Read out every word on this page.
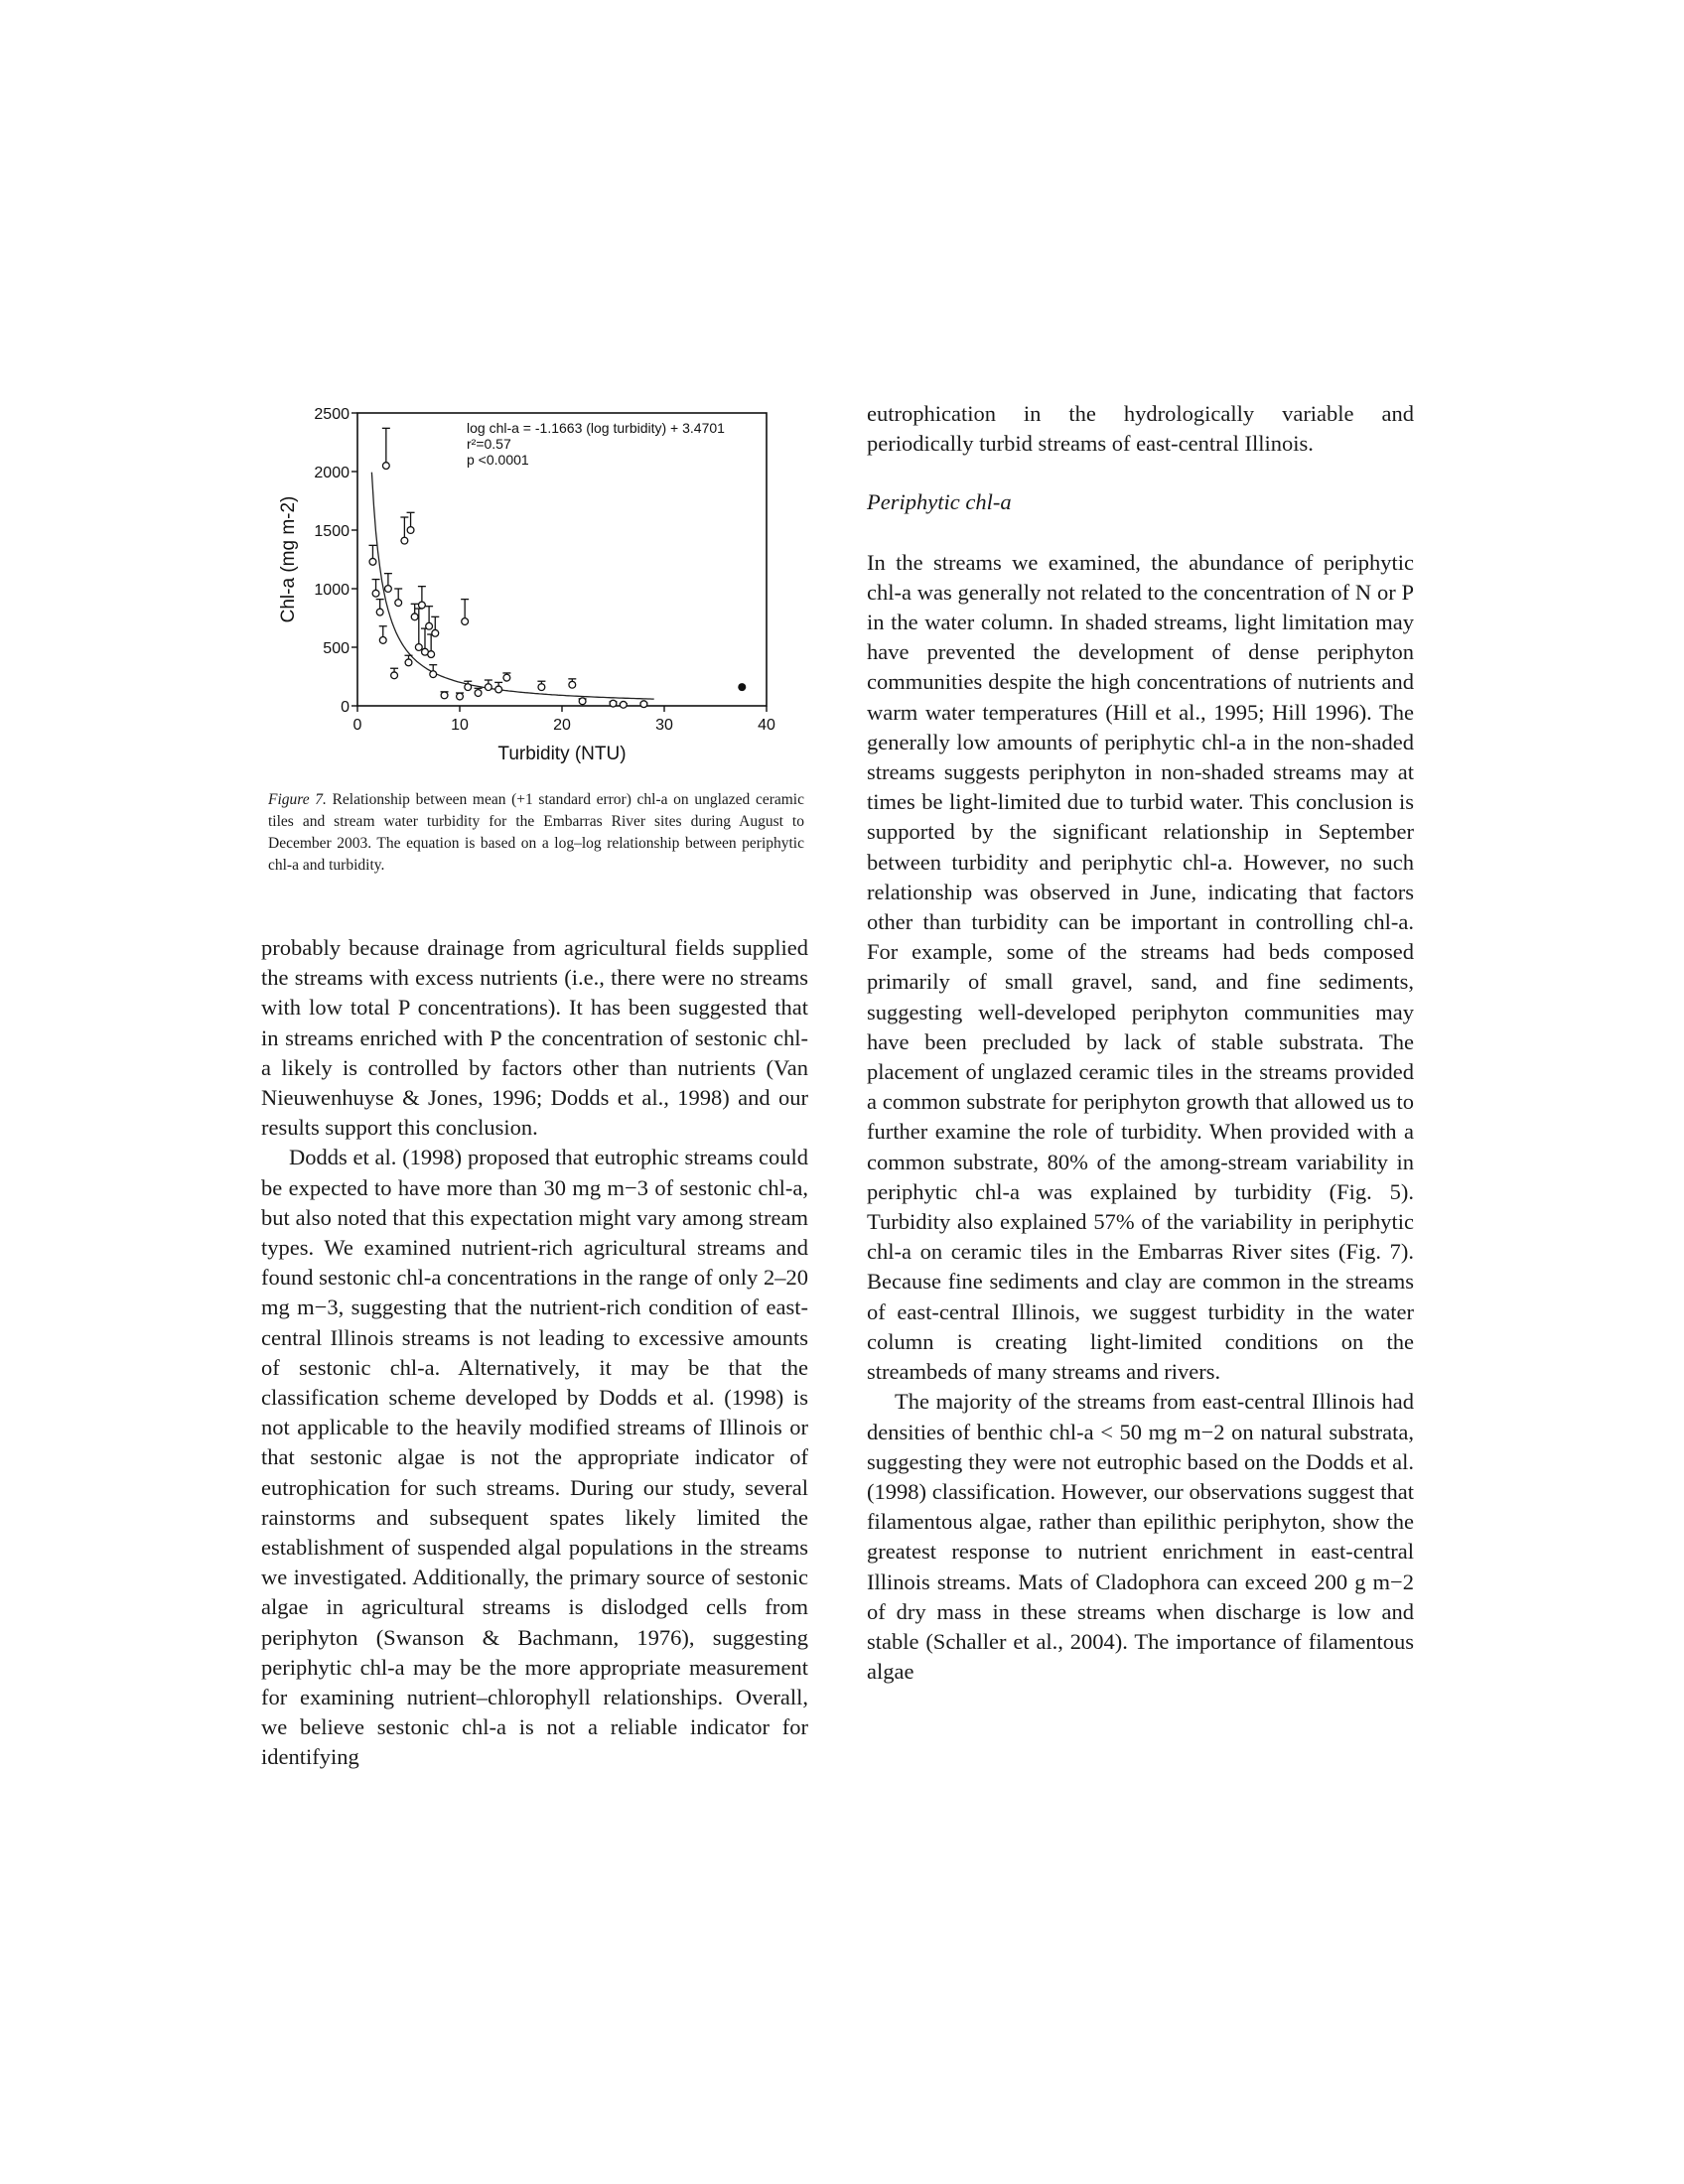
0
500
1000
1500
2000
2500
0	10	20	30	40
Turbidity (NTU)
Chl-a (mg m-2)
log chl-a = -1.1663 (log turbidity) + 3.4701
r²=0.57
p <0.0001

Figure 7. Relationship between mean (+1 standard error) chl-a on unglazed ceramic tiles and stream water turbidity for the Embarras River sites during August to December 2003. The equation is based on a log–log relationship between periphytic chl-a and turbidity.

probably because drainage from agricultural fields supplied the streams with excess nutrients (i.e., there were no streams with low total P concentrations). It has been suggested that in streams enriched with P the concentration of sestonic chl-a likely is controlled by factors other than nutrients (Van Nieuwenhuyse & Jones, 1996; Dodds et al., 1998) and our results support this conclusion.

Dodds et al. (1998) proposed that eutrophic streams could be expected to have more than 30 mg m−3 of sestonic chl-a, but also noted that this expectation might vary among stream types. We examined nutrient-rich agricultural streams and found sestonic chl-a concentrations in the range of only 2–20 mg m−3, suggesting that the nutrient-rich condition of east-central Illinois streams is not leading to excessive amounts of sestonic chl-a. Alternatively, it may be that the classification scheme developed by Dodds et al. (1998) is not applicable to the heavily modified streams of Illinois or that sestonic algae is not the appropriate indicator of eutrophication for such streams. During our study, several rainstorms and subsequent spates likely limited the establishment of suspended algal populations in the streams we investigated. Additionally, the primary source of sestonic algae in agricultural streams is dislodged cells from periphyton (Swanson & Bachmann, 1976), suggesting periphytic chl-a may be the more appropriate measurement for examining nutrient–chlorophyll relationships. Overall, we believe sestonic chl-a is not a reliable indicator for identifying

eutrophication in the hydrologically variable and periodically turbid streams of east-central Illinois.

Periphytic chl-a

In the streams we examined, the abundance of periphytic chl-a was generally not related to the concentration of N or P in the water column. In shaded streams, light limitation may have prevented the development of dense periphyton communities despite the high concentrations of nutrients and warm water temperatures (Hill et al., 1995; Hill 1996). The generally low amounts of periphytic chl-a in the non-shaded streams suggests periphyton in non-shaded streams may at times be light-limited due to turbid water. This conclusion is supported by the significant relationship in September between turbidity and periphytic chl-a. However, no such relationship was observed in June, indicating that factors other than turbidity can be important in controlling chl-a. For example, some of the streams had beds composed primarily of small gravel, sand, and fine sediments, suggesting well-developed periphyton communities may have been precluded by lack of stable substrata. The placement of unglazed ceramic tiles in the streams provided a common substrate for periphyton growth that allowed us to further examine the role of turbidity. When provided with a common substrate, 80% of the among-stream variability in periphytic chl-a was explained by turbidity (Fig. 5). Turbidity also explained 57% of the variability in periphytic chl-a on ceramic tiles in the Embarras River sites (Fig. 7). Because fine sediments and clay are common in the streams of east-central Illinois, we suggest turbidity in the water column is creating light-limited conditions on the streambeds of many streams and rivers.

The majority of the streams from east-central Illinois had densities of benthic chl-a < 50 mg m−2 on natural substrata, suggesting they were not eutrophic based on the Dodds et al. (1998) classification. However, our observations suggest that filamentous algae, rather than epilithic periphyton, show the greatest response to nutrient enrichment in east-central Illinois streams. Mats of Cladophora can exceed 200 g m−2 of dry mass in these streams when discharge is low and stable (Schaller et al., 2004). The importance of filamentous algae
